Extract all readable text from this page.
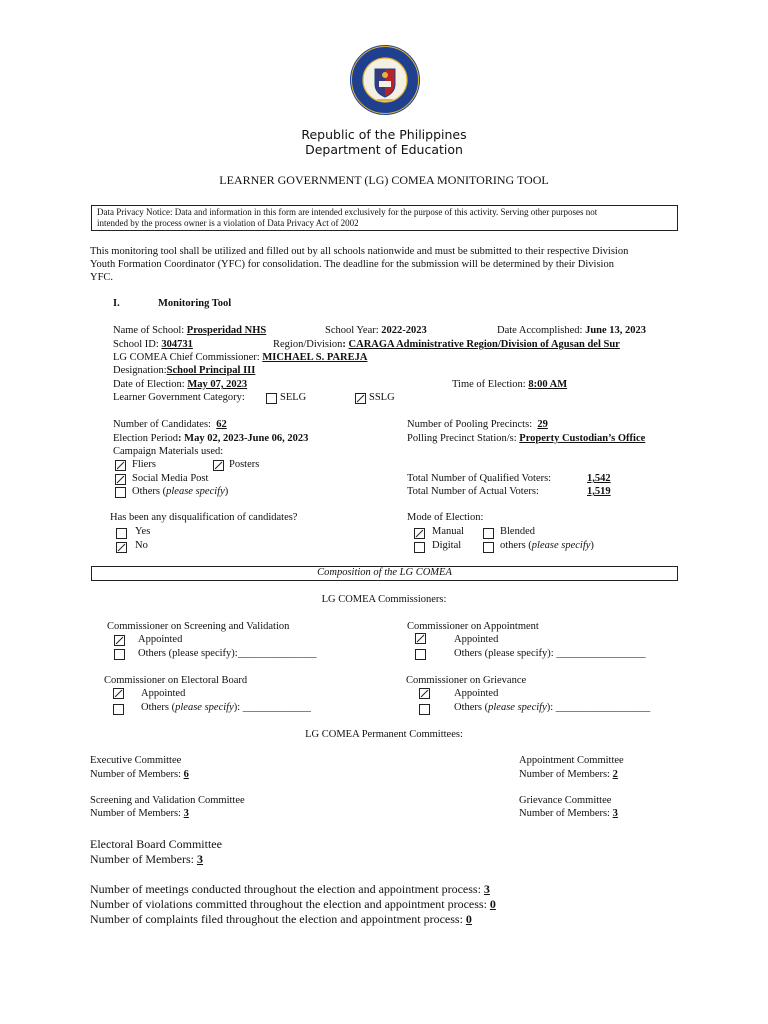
Republic of the Philippines
Department of Education
LEARNER GOVERNMENT (LG) COMEA MONITORING TOOL
Data Privacy Notice: Data and information in this form are intended exclusively for the purpose of this activity. Serving other purposes not
intended by the process owner is a violation of Data Privacy Act of 2002
This monitoring tool shall be utilized and filled out by all schools nationwide and must be submitted to their respective Division
Youth Formation Coordinator (YFC) for consolidation. The deadline for the submission will be determined by their Division
YFC.
I.	Monitoring Tool
Name of School: Prosperidad NHS	School Year: 2022-2023	Date Accomplished: June 13, 2023
School ID: 304731	Region/Division: CARAGA Administrative Region/Division of Agusan del Sur
LG COMEA Chief Commissioner: MICHAEL S. PAREJA
Designation:School Principal III
Date of Election: May 07, 2023	Time of Election: 8:00 AM
Learner Government Category:	SELG	SSLG
Number of Candidates: 62
Election Period: May 02, 2023-June 06, 2023
Campaign Materials used:
Fliers	Posters
Social Media Post
Others (please specify)
Number of Pooling Precincts: 29
Polling Precinct Station/s: Property Custodian’s Office
Total Number of Qualified Voters:	1,542
Total Number of Actual Voters:	1,519
Has been any disqualification of candidates?
Yes
No
Mode of Election:
Manual	Blended
Digital	others (please specify)
Composition of the LG COMEA
LG COMEA Commissioners:
Commissioner on Screening and Validation
Appointed
Others (please specify):_______________
Commissioner on Appointment
Appointed
Others (please specify): _________________
Commissioner on Electoral Board
Appointed
Others (please specify): _____________
Commissioner on Grievance
Appointed
Others (please specify): __________________
LG COMEA Permanent Committees:
Executive Committee
Number of Members: 6
Appointment Committee
Number of Members: 2
Screening and Validation Committee
Number of Members: 3
Grievance Committee
Number of Members: 3
Electoral Board Committee
Number of Members: 3
Number of meetings conducted throughout the election and appointment process: 3
Number of violations committed throughout the election and appointment process: 0
Number of complaints filed throughout the election and appointment process: 0
